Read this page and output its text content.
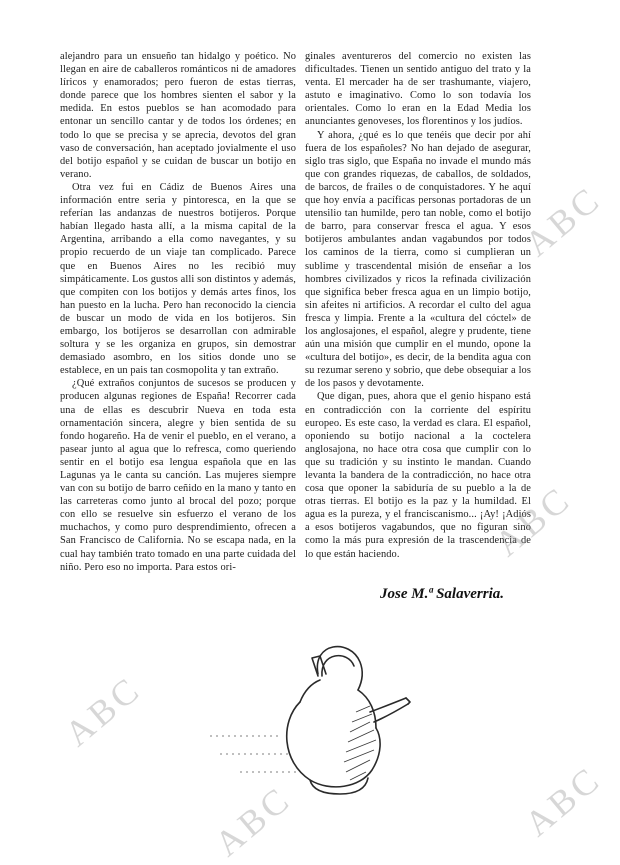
alejandro para un ensueño tan hidalgo y poético. No llegan en aire de caballeros románticos ni de amadores líricos y enamorados; pero fueron de estas tierras, donde parece que los hombres sienten el sabor y la medida. En estos pueblos se han acomodado para entonar un sencillo cantar y de todos los órdenes; en todo lo que se precisa y se aprecia, devotos del gran vaso de conversación, han aceptado jovialmente el uso del botijo español y se cuidan de buscar un botijo en verano.

Otra vez fui en Cádiz de Buenos Aires una información entre seria y pintoresca, en la que se referían las andanzas de nuestros botijeros. Porque habían llegado hasta allí, a la misma capital de la Argentina, arribando a ella como navegantes, y su propio recuerdo de un viaje tan complicado. Parece que en Buenos Aires no les recibió muy simpáticamente. Los gustos alli son distintos y además, que compiten con los botijos y demás artes finos, los han puesto en la lucha. Pero han reconocido la ciencia de buscar un modo de vida en los botijeros. Sin embargo, los botijeros se desarrollan con admirable soltura y se les organiza en grupos, sin demostrar demasiado asombro, en los sitios donde uno se establece, en un pais tan cosmopolita y tan extraño.

¿Qué extraños conjuntos de sucesos se producen y producen algunas regiones de España! Recorrer cada una de ellas es descubrir Nueva en toda esta ornamentación sincera, alegre y bien sentida de su fondo hogareño. Ha de venir el pueblo, en el verano, a pasear junto al agua que lo refresca, como queriendo sentir en el botijo esa lengua española que en las Lagunas ya le canta su canción. Las mujeres siempre van con su botijo de barro ceñido en la mano y tanto en las carreteras como junto al brocal del pozo; porque con ello se resuelve sin esfuerzo el verano de los muchachos, y como puro desprendimiento, ofrecen a San Francisco de California. No se escapa nada, en la cual hay también trato tomado en una parte cuidada del niño. Pero eso no importa. Para estos ori-

ginales aventureros del comercio no existen las dificultades. Tienen un sentido antiguo del trato y la venta. El mercader ha de ser trashumante, viajero, astuto e imaginativo. Como lo son todavía los orientales. Como lo eran en la Edad Media los anunciantes genoveses, los florentinos y los judíos.

Y ahora, ¿qué es lo que tenéis que decir por ahí fuera de los españoles? No han dejado de asegurar, siglo tras siglo, que España no invade el mundo más que con grandes riquezas, de caballos, de soldados, de barcos, de frailes o de conquistadores. Y he aquí que hoy envía a pacíficas personas portadoras de un utensilio tan humilde, pero tan noble, como el botijo de barro, para conservar fresca el agua. Y esos botijeros ambulantes andan vagabundos por todos los caminos de la tierra, como si cumplieran un sublime y trascendental misión de enseñar a los hombres civilizados y ricos la refinada civilización que significa beber fresca agua en un limpio botijo, sin afeites ni artificios. A recordar el culto del agua fresca y limpia. Frente a la «cultura del cóctel» de los anglosajones, el español, alegre y prudente, tiene aún una misión que cumplir en el mundo, opone la «cultura del botijo», es decir, de la bendita agua con su rezumar sereno y sobrio, que debe obsequiar a los de los pasos y devotamente.

Que digan, pues, ahora que el genio hispano está en contradicción con la corriente del espíritu europeo. Es este caso, la verdad es clara. El español, oponiendo su botijo nacional a la coctelera anglosajona, no hace otra cosa que cumplir con lo que su tradición y su instinto le mandan. Cuando levanta la bandera de la contradicción, no hace otra cosa que oponer la sabiduría de su pueblo a la de otras tierras. El botijo es la paz y la humildad. El agua es la pureza, y el franciscanismo... ¡Ay! ¡Adiós a esos botijeros vagabundos, que no figuran sino como la más pura expresión de la trascendencia de lo que están haciendo.

Jose M.ª Salaverria.
ABC
ABC
ABC
ABC	ABC
